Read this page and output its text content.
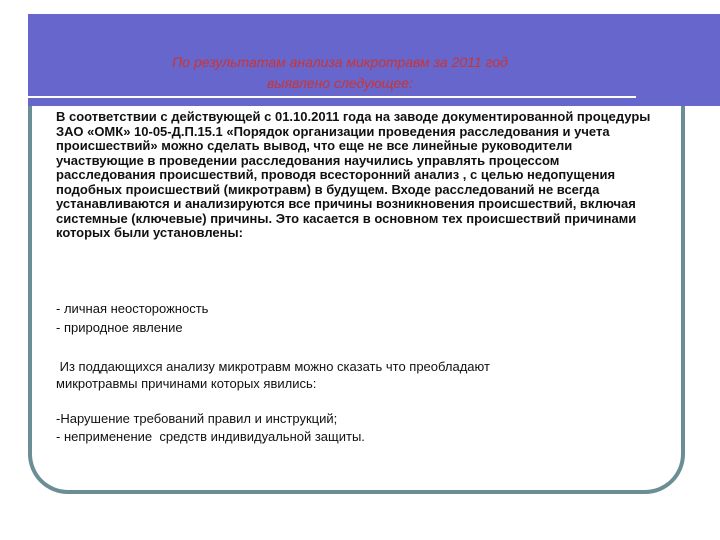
По результатам анализа микротравм за 2011 год
выявлено следующее:

В соответствии с действующей с 01.10.2011 года на заводе документированной процедуры ЗАО «ОМК» 10-05-Д.П.15.1 «Порядок организации проведения расследования и учета происшествий» можно сделать вывод, что еще не все линейные руководители участвующие в проведении расследования научились управлять процессом расследования происшествий, проводя всесторонний анализ , с целью недопущения подобных происшествий (микротравм) в будущем. Входе расследований не всегда устанавливаются и анализируются все причины возникновения происшествий, включая системные (ключевые) причины. Это касается в основном тех происшествий причинами которых были установлены:

- личная неосторожность
- природное явление
Из поддающихся анализу микротравм можно сказать что преобладают
микротравмы причинами которых явились:
-Нарушение требований правил и инструкций;
- неприменение  средств индивидуальной защиты.
